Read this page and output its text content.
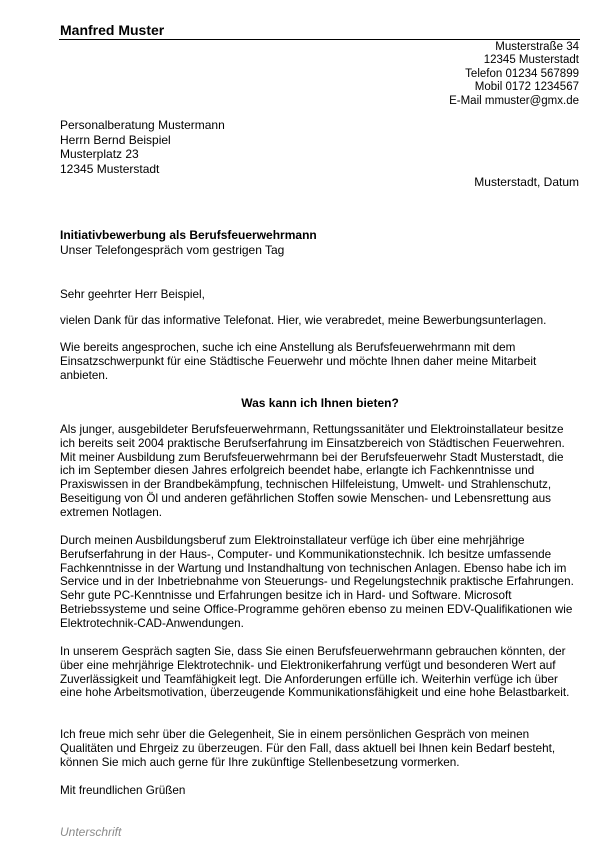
Manfred Muster
Musterstraße 34
12345 Musterstadt
Telefon 01234 567899
Mobil 0172 1234567
E-Mail mmuster@gmx.de
Personalberatung Mustermann
Herrn Bernd Beispiel
Musterplatz 23
12345 Musterstadt
Musterstadt, Datum
Initiativbewerbung als Berufsfeuerwehrmann
Unser Telefongespräch vom gestrigen Tag
Sehr geehrter Herr Beispiel,
vielen Dank für das informative Telefonat. Hier, wie verabredet, meine Bewerbungsunterlagen.
Wie bereits angesprochen, suche ich eine Anstellung als Berufsfeuerwehrmann mit dem Einsatzschwerpunkt für eine Städtische Feuerwehr und möchte Ihnen daher meine Mitarbeit anbieten.
Was kann ich Ihnen bieten?
Als junger, ausgebildeter Berufsfeuerwehrmann, Rettungssanitäter und Elektroinstallateur besitze ich bereits seit 2004 praktische Berufserfahrung im Einsatzbereich von Städtischen Feuerwehren. Mit meiner Ausbildung zum Berufsfeuerwehrmann bei der Berufsfeuerwehr Stadt Musterstadt, die ich im September diesen Jahres erfolgreich beendet habe, erlangte ich Fachkenntnisse und Praxiswissen in der Brandbekämpfung, technischen Hilfeleistung, Umwelt- und Strahlenschutz, Beseitigung von Öl und anderen gefährlichen Stoffen sowie Menschen- und Lebensrettung aus extremen Notlagen.
Durch meinen Ausbildungsberuf zum Elektroinstallateur verfüge ich über eine mehrjährige Berufserfahrung in der Haus-, Computer- und Kommunikationstechnik. Ich besitze umfassende Fachkenntnisse in der Wartung und Instandhaltung von technischen Anlagen. Ebenso habe ich im Service und in der Inbetriebnahme von Steuerungs- und Regelungstechnik praktische Erfahrungen. Sehr gute PC-Kenntnisse und Erfahrungen besitze ich in Hard- und Software. Microsoft Betriebssysteme und seine Office-Programme gehören ebenso zu meinen EDV-Qualifikationen wie Elektrotechnik-CAD-Anwendungen.
In unserem Gespräch sagten Sie, dass Sie einen Berufsfeuerwehrmann gebrauchen könnten, der über eine mehrjährige Elektrotechnik- und Elektronikerfahrung verfügt und besonderen Wert auf Zuverlässigkeit und Teamfähigkeit legt. Die Anforderungen erfülle ich. Weiterhin verfüge ich über eine hohe Arbeitsmotivation, überzeugende Kommunikationsfähigkeit und eine hohe Belastbarkeit.
Ich freue mich sehr über die Gelegenheit, Sie in einem persönlichen Gespräch von meinen Qualitäten und Ehrgeiz zu überzeugen. Für den Fall, dass aktuell bei Ihnen kein Bedarf besteht, können Sie mich auch gerne für Ihre zukünftige Stellenbesetzung vormerken.
Mit freundlichen Grüßen
Unterschrift
